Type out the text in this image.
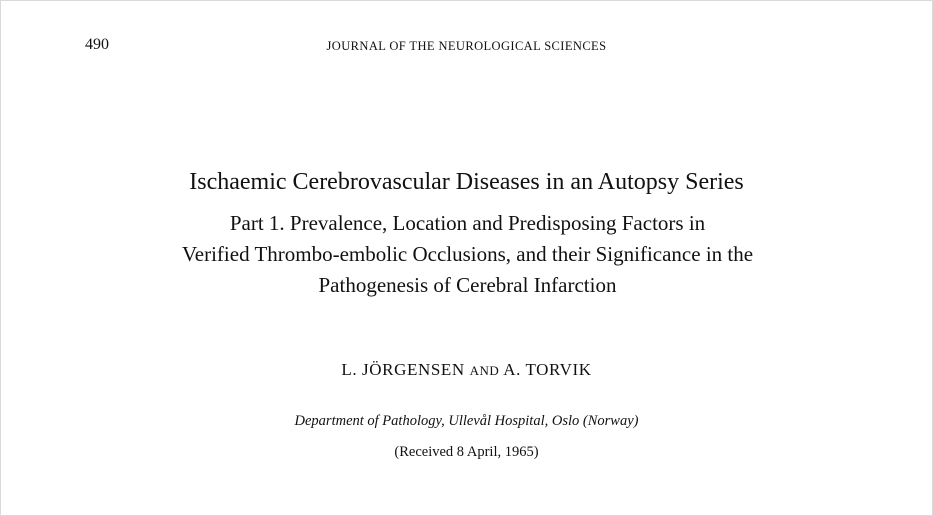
490	JOURNAL OF THE NEUROLOGICAL SCIENCES
Ischaemic Cerebrovascular Diseases in an Autopsy Series
Part 1. Prevalence, Location and Predisposing Factors in
Verified Thrombo-embolic Occlusions, and their Significance in the
Pathogenesis of Cerebral Infarction
L. JÖRGENSEN AND A. TORVIK
Department of Pathology, Ullevål Hospital, Oslo (Norway)
(Received 8 April, 1965)
